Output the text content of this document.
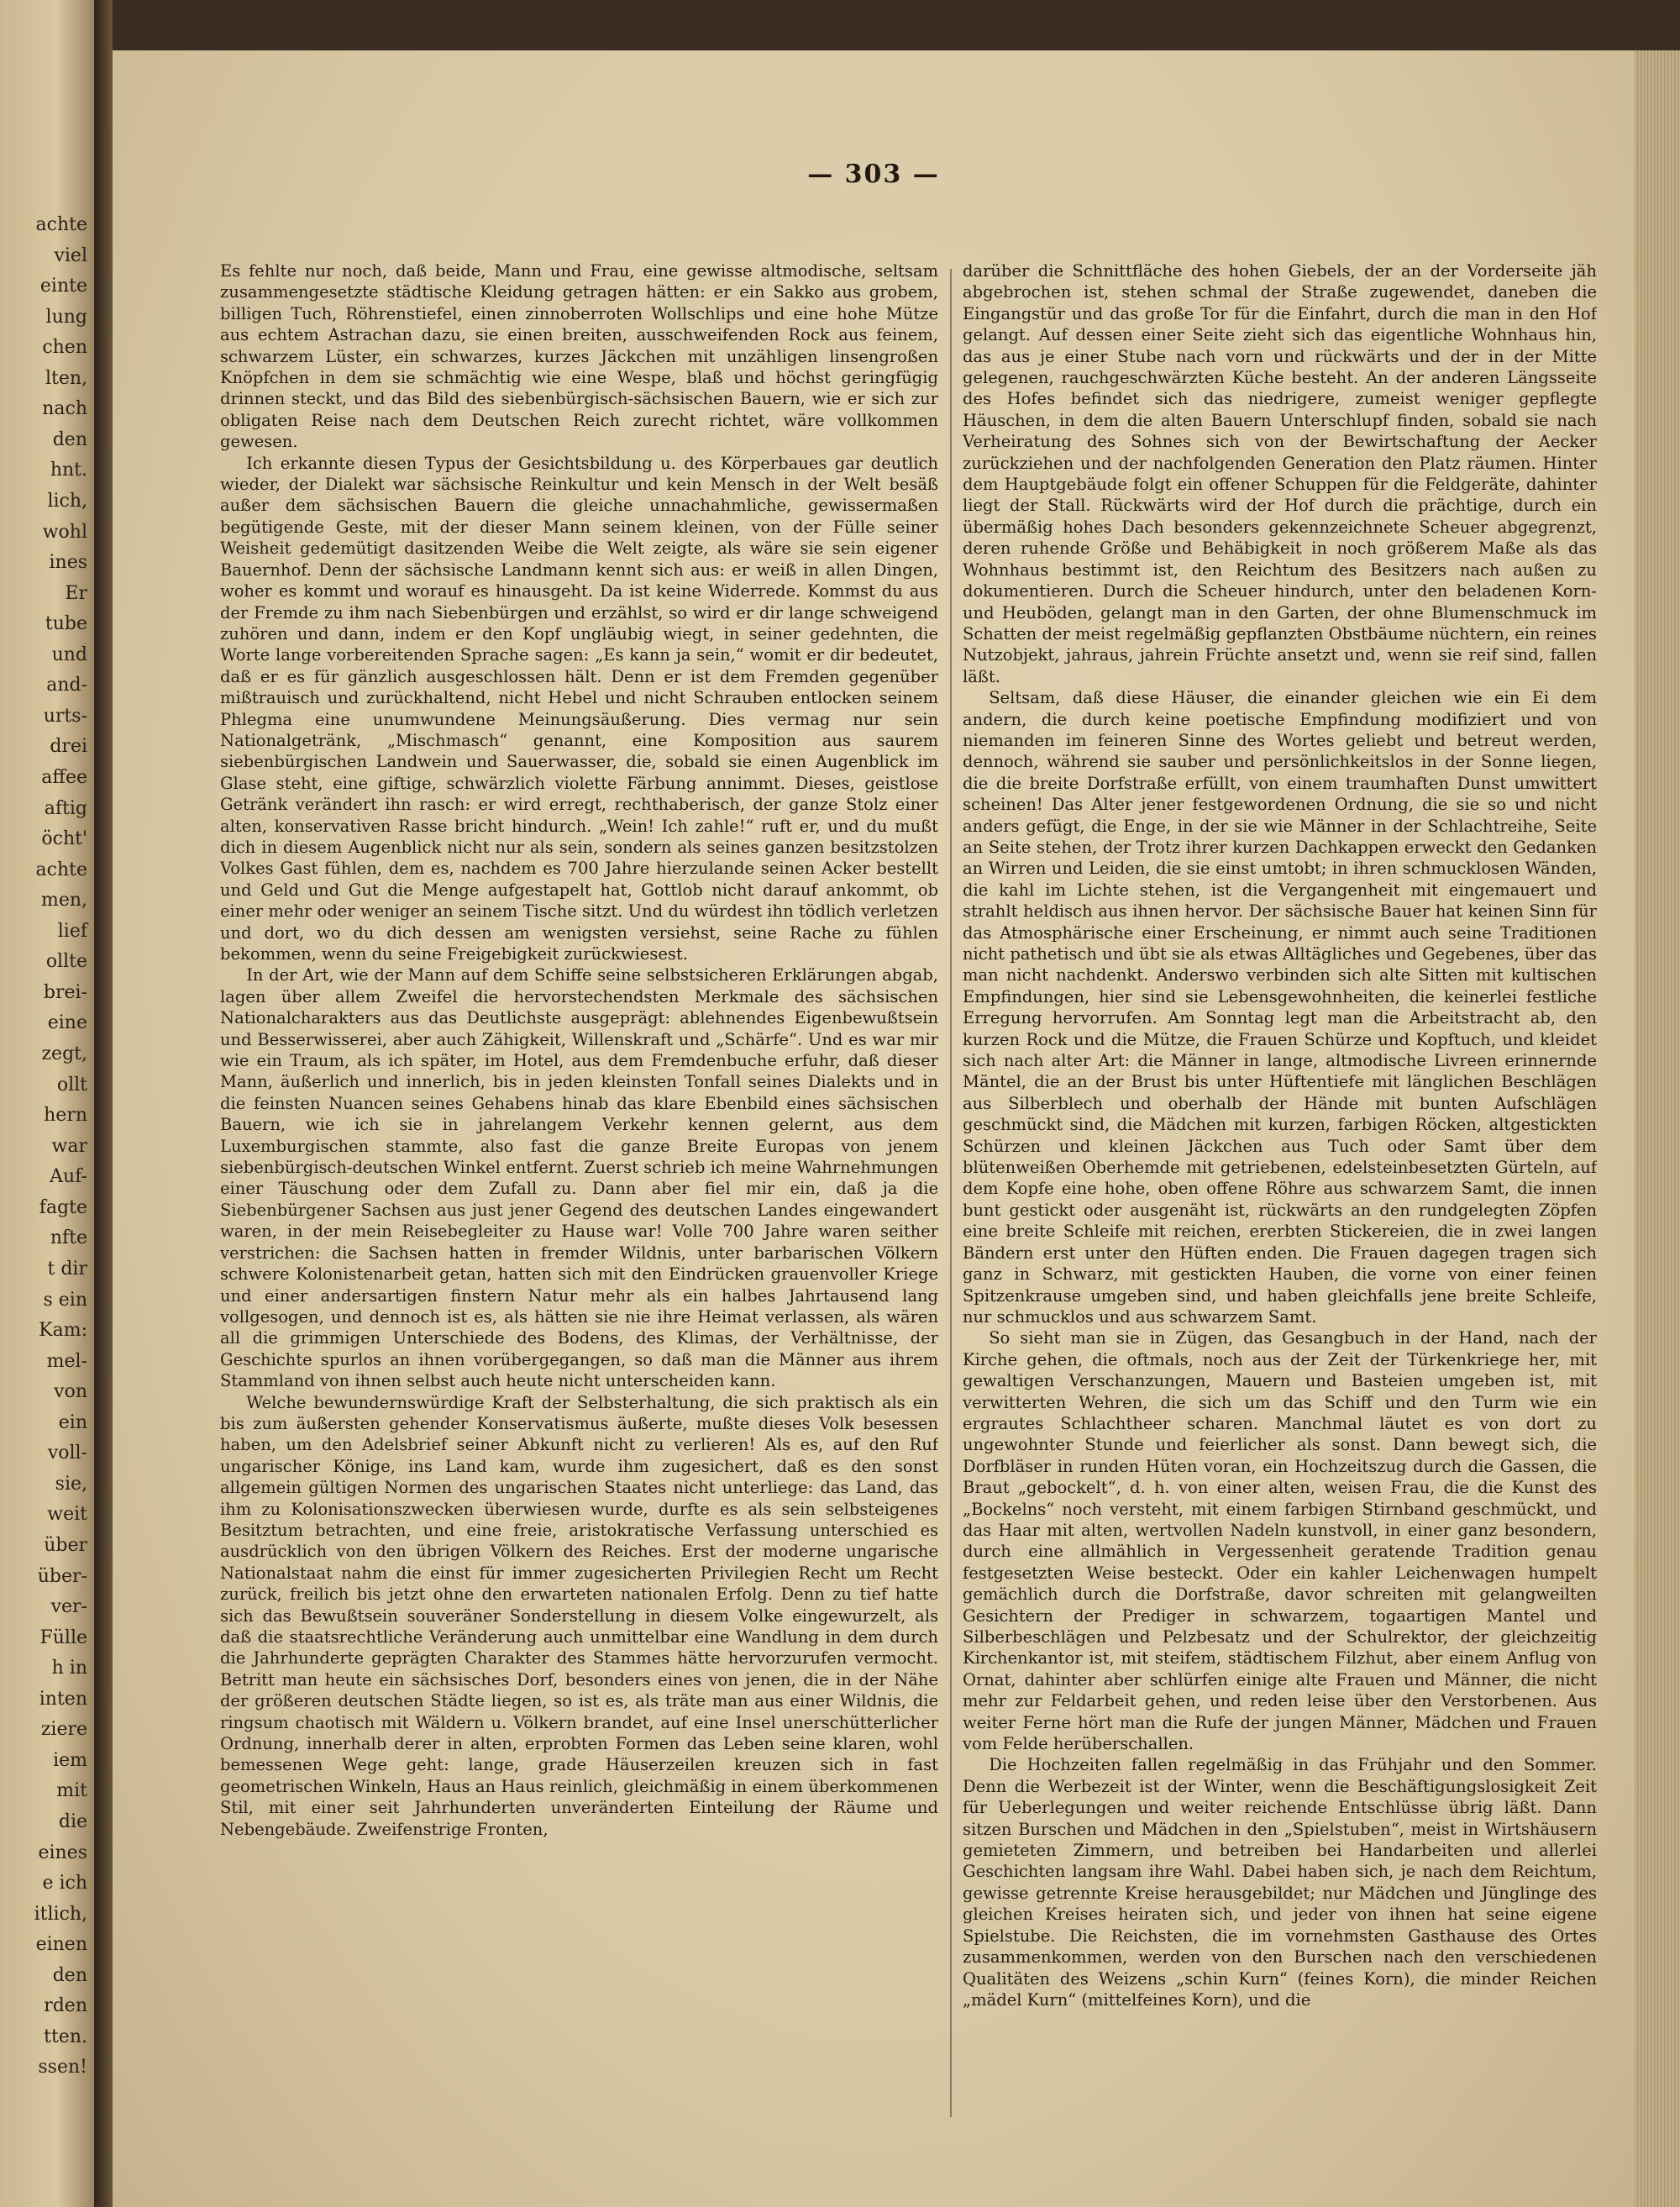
achte
viel
einte
lung
chen
lten,
nach
den
hnt.
lich,
wohl
ines
Er
tube
und
and-
urts-
drei
affee
aftig
öcht'
achte
men,
lief
ollte
brei-
eine
zegt,
ollt
hern
war
Auf-
fagte
nfte
t dir
s ein
Kam:
mel-
von
ein
voll-
sie,
weit
über
über-
ver-
Fülle
h in
inten
ziere
iem
mit
die
eines
e ich
itlich,
einen
den
rden
tten.
ssen!
— 303 —

Es fehlte nur noch, daß beide, Mann und Frau, eine gewisse altmodische, seltsam zusammengesetzte städtische Kleidung getragen hätten: er ein Sakko aus grobem, billigen Tuch, Röhrenstiefel, einen zinnoberroten Wollschlips und eine hohe Mütze aus echtem Astrachan dazu, sie einen breiten, ausschweifenden Rock aus feinem, schwarzem Lüster, ein schwarzes, kurzes Jäckchen mit unzähligen linsengroßen Knöpfchen in dem sie schmächtig wie eine Wespe, blaß und höchst geringfügig drinnen steckt, und das Bild des siebenbürgisch-sächsischen Bauern, wie er sich zur obligaten Reise nach dem Deutschen Reich zurecht richtet, wäre vollkommen gewesen.

Ich erkannte diesen Typus der Gesichtsbildung u. des Körperbaues gar deutlich wieder, der Dialekt war sächsische Reinkultur und kein Mensch in der Welt besäß außer dem sächsischen Bauern die gleiche unnachahmliche, gewissermaßen begütigende Geste, mit der dieser Mann seinem kleinen, von der Fülle seiner Weisheit gedemütigt dasitzenden Weibe die Welt zeigte, als wäre sie sein eigener Bauernhof. Denn der sächsische Landmann kennt sich aus: er weiß in allen Dingen, woher es kommt und worauf es hinausgeht. Da ist keine Widerrede. Kommst du aus der Fremde zu ihm nach Siebenbürgen und erzählst, so wird er dir lange schweigend zuhören und dann, indem er den Kopf ungläubig wiegt, in seiner gedehnten, die Worte lange vorbereitenden Sprache sagen: „Es kann ja sein,“ womit er dir bedeutet, daß er es für gänzlich ausgeschlossen hält. Denn er ist dem Fremden gegenüber mißtrauisch und zurückhaltend, nicht Hebel und nicht Schrauben entlocken seinem Phlegma eine unumwundene Meinungsäußerung. Dies vermag nur sein Nationalgetränk, „Mischmasch“ genannt, eine Komposition aus saurem siebenbürgischen Landwein und Sauerwasser, die, sobald sie einen Augenblick im Glase steht, eine giftige, schwärzlich violette Färbung annimmt. Dieses, geistlose Getränk verändert ihn rasch: er wird erregt, rechthaberisch, der ganze Stolz einer alten, konservativen Rasse bricht hindurch. „Wein! Ich zahle!“ ruft er, und du mußt dich in diesem Augenblick nicht nur als sein, sondern als seines ganzen besitzstolzen Volkes Gast fühlen, dem es, nachdem es 700 Jahre hierzulande seinen Acker bestellt und Geld und Gut die Menge aufgestapelt hat, Gottlob nicht darauf ankommt, ob einer mehr oder weniger an seinem Tische sitzt. Und du würdest ihn tödlich verletzen und dort, wo du dich dessen am wenigsten versiehst, seine Rache zu fühlen bekommen, wenn du seine Freigebigkeit zurückwiesest.

In der Art, wie der Mann auf dem Schiffe seine selbstsicheren Erklärungen abgab, lagen über allem Zweifel die hervorstechendsten Merkmale des sächsischen Nationalcharakters aus das Deutlichste ausgeprägt: ablehnendes Eigenbewußtsein und Besserwisserei, aber auch Zähigkeit, Willenskraft und „Schärfe“. Und es war mir wie ein Traum, als ich später, im Hotel, aus dem Fremdenbuche erfuhr, daß dieser Mann, äußerlich und innerlich, bis in jeden kleinsten Tonfall seines Dialekts und in die feinsten Nuancen seines Gehabens hinab das klare Ebenbild eines sächsischen Bauern, wie ich sie in jahrelangem Verkehr kennen gelernt, aus dem Luxemburgischen stammte, also fast die ganze Breite Europas von jenem siebenbürgisch-deutschen Winkel entfernt. Zuerst schrieb ich meine Wahrnehmungen einer Täuschung oder dem Zufall zu. Dann aber fiel mir ein, daß ja die Siebenbürgener Sachsen aus just jener Gegend des deutschen Landes eingewandert waren, in der mein Reisebegleiter zu Hause war! Volle 700 Jahre waren seither verstrichen: die Sachsen hatten in fremder Wildnis, unter barbarischen Völkern schwere Kolonistenarbeit getan, hatten sich mit den Eindrücken grauenvoller Kriege und einer andersartigen finstern Natur mehr als ein halbes Jahrtausend lang vollgesogen, und dennoch ist es, als hätten sie nie ihre Heimat verlassen, als wären all die grimmigen Unterschiede des Bodens, des Klimas, der Verhältnisse, der Geschichte spurlos an ihnen vorübergegangen, so daß man die Männer aus ihrem Stammland von ihnen selbst auch heute nicht unterscheiden kann.

Welche bewundernswürdige Kraft der Selbsterhaltung, die sich praktisch als ein bis zum äußersten gehender Konservatismus äußerte, mußte dieses Volk besessen haben, um den Adelsbrief seiner Abkunft nicht zu verlieren! Als es, auf den Ruf ungarischer Könige, ins Land kam, wurde ihm zugesichert, daß es den sonst allgemein gültigen Normen des ungarischen Staates nicht unterliege: das Land, das ihm zu Kolonisationszwecken überwiesen wurde, durfte es als sein selbsteigenes Besitztum betrachten, und eine freie, aristokratische Verfassung unterschied es ausdrücklich von den übrigen Völkern des Reiches. Erst der moderne ungarische Nationalstaat nahm die einst für immer zugesicherten Privilegien Recht um Recht zurück, freilich bis jetzt ohne den erwarteten nationalen Erfolg. Denn zu tief hatte sich das Bewußtsein souveräner Sonderstellung in diesem Volke eingewurzelt, als daß die staatsrechtliche Veränderung auch unmittelbar eine Wandlung in dem durch die Jahrhunderte geprägten Charakter des Stammes hätte hervorzurufen vermocht. Betritt man heute ein sächsisches Dorf, besonders eines von jenen, die in der Nähe der größeren deutschen Städte liegen, so ist es, als träte man aus einer Wildnis, die ringsum chaotisch mit Wäldern u. Völkern brandet, auf eine Insel unerschütterlicher Ordnung, innerhalb derer in alten, erprobten Formen das Leben seine klaren, wohl bemessenen Wege geht: lange, grade Häuserzeilen kreuzen sich in fast geometrischen Winkeln, Haus an Haus reinlich, gleichmäßig in einem überkommenen Stil, mit einer seit Jahrhunderten unveränderten Einteilung der Räume und Nebengebäude. Zweifenstrige Fronten,

darüber die Schnittfläche des hohen Giebels, der an der Vorderseite jäh abgebrochen ist, stehen schmal der Straße zugewendet, daneben die Eingangstür und das große Tor für die Einfahrt, durch die man in den Hof gelangt. Auf dessen einer Seite zieht sich das eigentliche Wohnhaus hin, das aus je einer Stube nach vorn und rückwärts und der in der Mitte gelegenen, rauchgeschwärzten Küche besteht. An der anderen Längsseite des Hofes befindet sich das niedrigere, zumeist weniger gepflegte Häuschen, in dem die alten Bauern Unterschlupf finden, sobald sie nach Verheiratung des Sohnes sich von der Bewirtschaftung der Aecker zurückziehen und der nachfolgenden Generation den Platz räumen. Hinter dem Hauptgebäude folgt ein offener Schuppen für die Feldgeräte, dahinter liegt der Stall. Rückwärts wird der Hof durch die prächtige, durch ein übermäßig hohes Dach besonders gekennzeichnete Scheuer abgegrenzt, deren ruhende Größe und Behäbigkeit in noch größerem Maße als das Wohnhaus bestimmt ist, den Reichtum des Besitzers nach außen zu dokumentieren. Durch die Scheuer hindurch, unter den beladenen Korn- und Heuböden, gelangt man in den Garten, der ohne Blumenschmuck im Schatten der meist regelmäßig gepflanzten Obstbäume nüchtern, ein reines Nutzobjekt, jahraus, jahrein Früchte ansetzt und, wenn sie reif sind, fallen läßt.

Seltsam, daß diese Häuser, die einander gleichen wie ein Ei dem andern, die durch keine poetische Empfindung modifiziert und von niemanden im feineren Sinne des Wortes geliebt und betreut werden, dennoch, während sie sauber und persönlichkeitslos in der Sonne liegen, die die breite Dorfstraße erfüllt, von einem traumhaften Dunst umwittert scheinen! Das Alter jener festgewordenen Ordnung, die sie so und nicht anders gefügt, die Enge, in der sie wie Männer in der Schlachtreihe, Seite an Seite stehen, der Trotz ihrer kurzen Dachkappen erweckt den Gedanken an Wirren und Leiden, die sie einst umtobt; in ihren schmucklosen Wänden, die kahl im Lichte stehen, ist die Vergangenheit mit eingemauert und strahlt heldisch aus ihnen hervor. Der sächsische Bauer hat keinen Sinn für das Atmosphärische einer Erscheinung, er nimmt auch seine Traditionen nicht pathetisch und übt sie als etwas Alltägliches und Gegebenes, über das man nicht nachdenkt. Anderswo verbinden sich alte Sitten mit kultischen Empfindungen, hier sind sie Lebensgewohnheiten, die keinerlei festliche Erregung hervorrufen. Am Sonntag legt man die Arbeitstracht ab, den kurzen Rock und die Mütze, die Frauen Schürze und Kopftuch, und kleidet sich nach alter Art: die Männer in lange, altmodische Livreen erinnernde Mäntel, die an der Brust bis unter Hüftentiefe mit länglichen Beschlägen aus Silberblech und oberhalb der Hände mit bunten Aufschlägen geschmückt sind, die Mädchen mit kurzen, farbigen Röcken, altgestickten Schürzen und kleinen Jäckchen aus Tuch oder Samt über dem blütenweißen Oberhemde mit getriebenen, edelsteinbesetzten Gürteln, auf dem Kopfe eine hohe, oben offene Röhre aus schwarzem Samt, die innen bunt gestickt oder ausgenäht ist, rückwärts an den rundgelegten Zöpfen eine breite Schleife mit reichen, ererbten Stickereien, die in zwei langen Bändern erst unter den Hüften enden. Die Frauen dagegen tragen sich ganz in Schwarz, mit gestickten Hauben, die vorne von einer feinen Spitzenkrause umgeben sind, und haben gleichfalls jene breite Schleife, nur schmucklos und aus schwarzem Samt.

So sieht man sie in Zügen, das Gesangbuch in der Hand, nach der Kirche gehen, die oftmals, noch aus der Zeit der Türkenkriege her, mit gewaltigen Verschanzungen, Mauern und Basteien umgeben ist, mit verwitterten Wehren, die sich um das Schiff und den Turm wie ein ergrautes Schlachtheer scharen. Manchmal läutet es von dort zu ungewohnter Stunde und feierlicher als sonst. Dann bewegt sich, die Dorfbläser in runden Hüten voran, ein Hochzeitszug durch die Gassen, die Braut „gebockelt“, d. h. von einer alten, weisen Frau, die die Kunst des „Bockelns“ noch versteht, mit einem farbigen Stirnband geschmückt, und das Haar mit alten, wertvollen Nadeln kunstvoll, in einer ganz besondern, durch eine allmählich in Vergessenheit geratende Tradition genau festgesetzten Weise besteckt. Oder ein kahler Leichenwagen humpelt gemächlich durch die Dorfstraße, davor schreiten mit gelangweilten Gesichtern der Prediger in schwarzem, togaartigen Mantel und Silberbeschlägen und Pelzbesatz und der Schulrektor, der gleichzeitig Kirchenkantor ist, mit steifem, städtischem Filzhut, aber einem Anflug von Ornat, dahinter aber schlürfen einige alte Frauen und Männer, die nicht mehr zur Feldarbeit gehen, und reden leise über den Verstorbenen. Aus weiter Ferne hört man die Rufe der jungen Männer, Mädchen und Frauen vom Felde herüberschallen.

Die Hochzeiten fallen regelmäßig in das Frühjahr und den Sommer. Denn die Werbezeit ist der Winter, wenn die Beschäftigungslosigkeit Zeit für Ueberlegungen und weiter reichende Entschlüsse übrig läßt. Dann sitzen Burschen und Mädchen in den „Spielstuben“, meist in Wirtshäusern gemieteten Zimmern, und betreiben bei Handarbeiten und allerlei Geschichten langsam ihre Wahl. Dabei haben sich, je nach dem Reichtum, gewisse getrennte Kreise herausgebildet; nur Mädchen und Jünglinge des gleichen Kreises heiraten sich, und jeder von ihnen hat seine eigene Spielstube. Die Reichsten, die im vornehmsten Gasthause des Ortes zusammenkommen, werden von den Burschen nach den verschiedenen Qualitäten des Weizens „schin Kurn“ (feines Korn), die minder Reichen „mädel Kurn“ (mittelfeines Korn), und die
